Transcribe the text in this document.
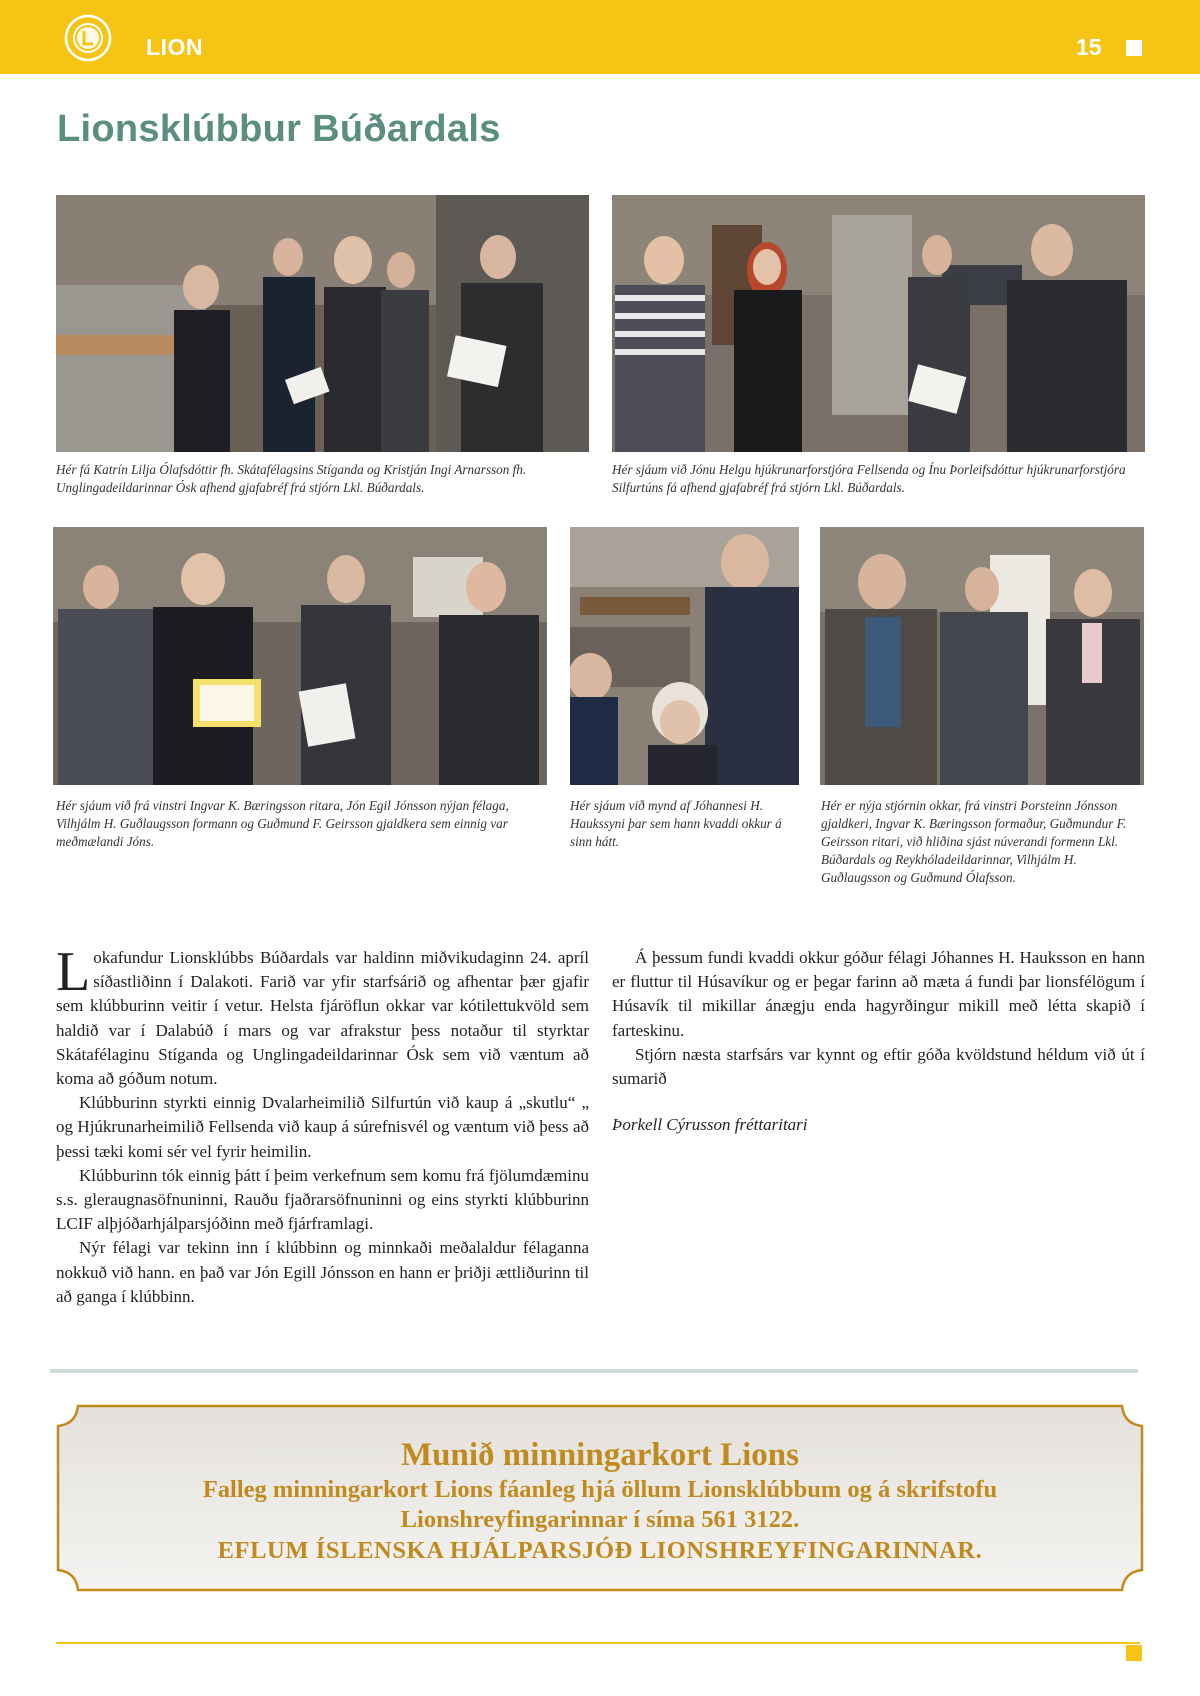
LION	15
Lionsklúbbur Búðardals
Hér fá Katrín Lilja Ólafsdóttir fh. Skátafélagsins Stíganda og Kristján Ingi Arnarsson fh. Unglingadeildarinnar Ósk afhend gjafabréf frá stjórn Lkl. Búðardals.
Hér sjáum við Jónu Helgu hjúkrunarforstjóra Fellsenda og Ínu Þorleifsdóttur hjúkrunarforstjóra Silfurtúns fá afhend gjafabréf frá stjórn Lkl. Búðardals.
Hér sjáum við frá vinstri Ingvar K. Bæringsson ritara, Jón Egil Jónsson nýjan félaga, Vilhjálm H. Guðlaugsson formann og Guðmund F. Geirsson gjaldkera sem einnig var meðmælandi Jóns.
Hér sjáum við mynd af Jóhannesi H. Haukssyni þar sem hann kvaddi okkur á sinn hátt.
Hér er nýja stjórnin okkar, frá vinstri Þorsteinn Jónsson gjaldkeri, Ingvar K. Bæringsson formaður, Guðmundur F. Geirsson ritari, við hliðina sjást núverandi formenn Lkl. Búðardals og Reykhóladeildarinnar, Vilhjálm H. Guðlaugsson og Guðmund Ólafsson.

Lokafundur Lionsklúbbs Búðardals var haldinn miðvikudaginn 24. apríl síðastliðinn í Dalakoti. Farið var yfir starfsárið og afhentar þær gjafir sem klúbburinn veitir í vetur. Helsta fjáröflun okkar var kótilettukvöld sem haldið var í Dalabúð í mars og var afrakstur þess notaður til styrktar Skátafélaginu Stíganda og Unglingadeildarinnar Ósk sem við væntum að koma að góðum notum.

Klúbburinn styrkti einnig Dvalarheimilið Silfurtún við kaup á „skutlu“ „ og Hjúkrunarheimilið Fellsenda við kaup á súrefnisvél og væntum við þess að þessi tæki komi sér vel fyrir heimilin.

Klúbburinn tók einnig þátt í þeim verkefnum sem komu frá fjölumdæminu s.s. gleraugnasöfnuninni, Rauðu fjaðrarsöfnuninni og eins styrkti klúbburinn LCIF alþjóðarhjálparsjóðinn með fjárframlagi.

Nýr félagi var tekinn inn í klúbbinn og minnkaði meðalaldur félaganna nokkuð við hann. en það var Jón Egill Jónsson en hann er þriðji ættliðurinn til að ganga í klúbbinn.

Á þessum fundi kvaddi okkur góður félagi Jóhannes H. Hauksson en hann er fluttur til Húsavíkur og er þegar farinn að mæta á fundi þar lionsfélögum í Húsavík til mikillar ánægju enda hagyrðingur mikill með létta skapið í farteskinu.

Stjórn næsta starfsárs var kynnt og eftir góða kvöldstund héldum við út í sumarið

Þorkell Cýrusson fréttaritari

Munið minningarkort Lions
Falleg minningarkort Lions fáanleg hjá öllum Lionsklúbbum og á skrifstofu
Lionshreyfingarinnar í síma 561 3122.
EFLUM ÍSLENSKA HJÁLPARSJÓÐ LIONSHREYFINGARINNAR.
